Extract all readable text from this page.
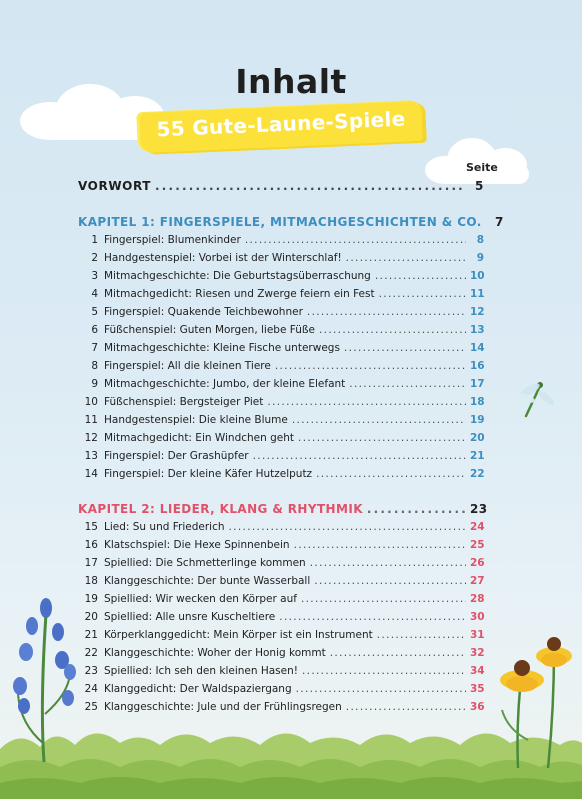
Inhalt
55 Gute-Laune-Spiele
Seite
VORWORT . . .	5
KAPITEL 1: FINGERSPIELE, MITMACHGESCHICHTEN & CO.	7
1 Fingerspiel: Blumenkinder . . .	8
2 Handgestenspiel: Vorbei ist der Winterschlaf! . . .	9
3 Mitmachgeschichte: Die Geburtstagsüberraschung . . .	10
4 Mitmachgedicht: Riesen und Zwerge feiern ein Fest . . .	11
5 Fingerspiel: Quakende Teichbewohner . . .	12
6 Füßchenspiel: Guten Morgen, liebe Füße . . .	13
7 Mitmachgeschichte: Kleine Fische unterwegs . . .	14
8 Fingerspiel: All die kleinen Tiere . . .	16
9 Mitmachgeschichte: Jumbo, der kleine Elefant . . .	17
10 Füßchenspiel: Bergsteiger Piet . . .	18
11 Handgestenspiel: Die kleine Blume . . .	19
12 Mitmachgedicht: Ein Windchen geht . . .	20
13 Fingerspiel: Der Grashüpfer . . .	21
14 Fingerspiel: Der kleine Käfer Hutzelputz . . .	22
KAPITEL 2: LIEDER, KLANG & RHYTHMIK . . .	23
15 Lied: Su und Friederich . . .	24
16 Klatschspiel: Die Hexe Spinnenbein . . .	25
17 Spiellied: Die Schmetterlinge kommen . . .	26
18 Klanggeschichte: Der bunte Wasserball . . .	27
19 Spiellied: Wir wecken den Körper auf . . .	28
20 Spiellied: Alle unsre Kuscheltiere . . .	30
21 Körperklanggedicht: Mein Körper ist ein Instrument . . .	31
22 Klanggeschichte: Woher der Honig kommt . . .	32
23 Spiellied: Ich seh den kleinen Hasen! . . .	34
24 Klanggedicht: Der Waldspaziergang . . .	35
25 Klanggeschichte: Jule und der Frühlingsregen . . .	36
